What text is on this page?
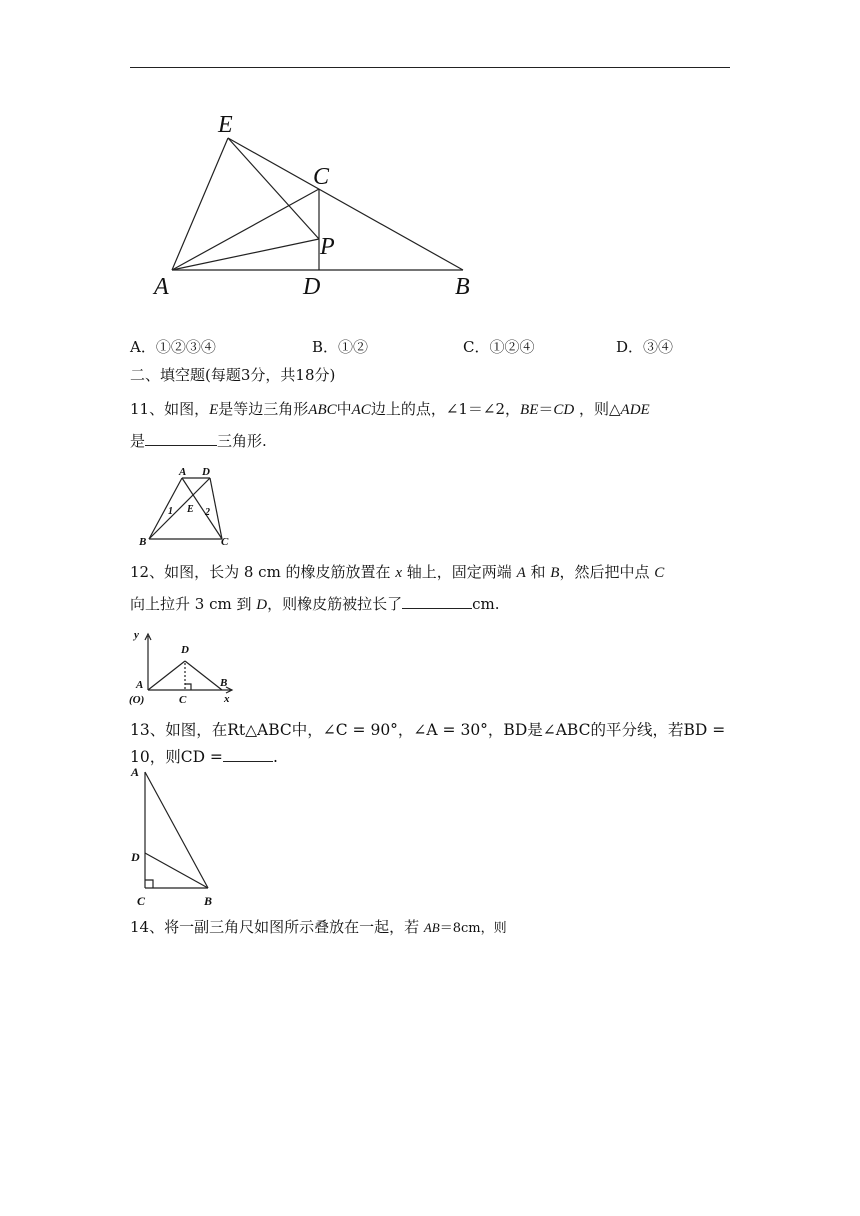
E
C
P
A	D	B
A．①②③④	B．①②	C．①②④	D．③④
二、填空题(每题3分，共18分)
11、如图，E是等边三角形ABC中AC边上的点，∠1＝∠2，BE＝CD ，则△ADE
是	三角形.
A D
E
1	2
B	C
12、如图，长为 8 cm 的橡皮筋放置在 x 轴上，固定两端 A 和 B，然后把中点 C
向上拉升 3 cm 到 D，则橡皮筋被拉长了	cm.
y
D
A
(O)	C
B
x
13、如图，在Rt△ABC中，∠C = 90°，∠A = 30°，BD是∠ABC的平分线，若BD =
10，则CD =	.
A
D
C	B
14、将一副三角尺如图所示叠放在一起，若 AB＝8cm，则
